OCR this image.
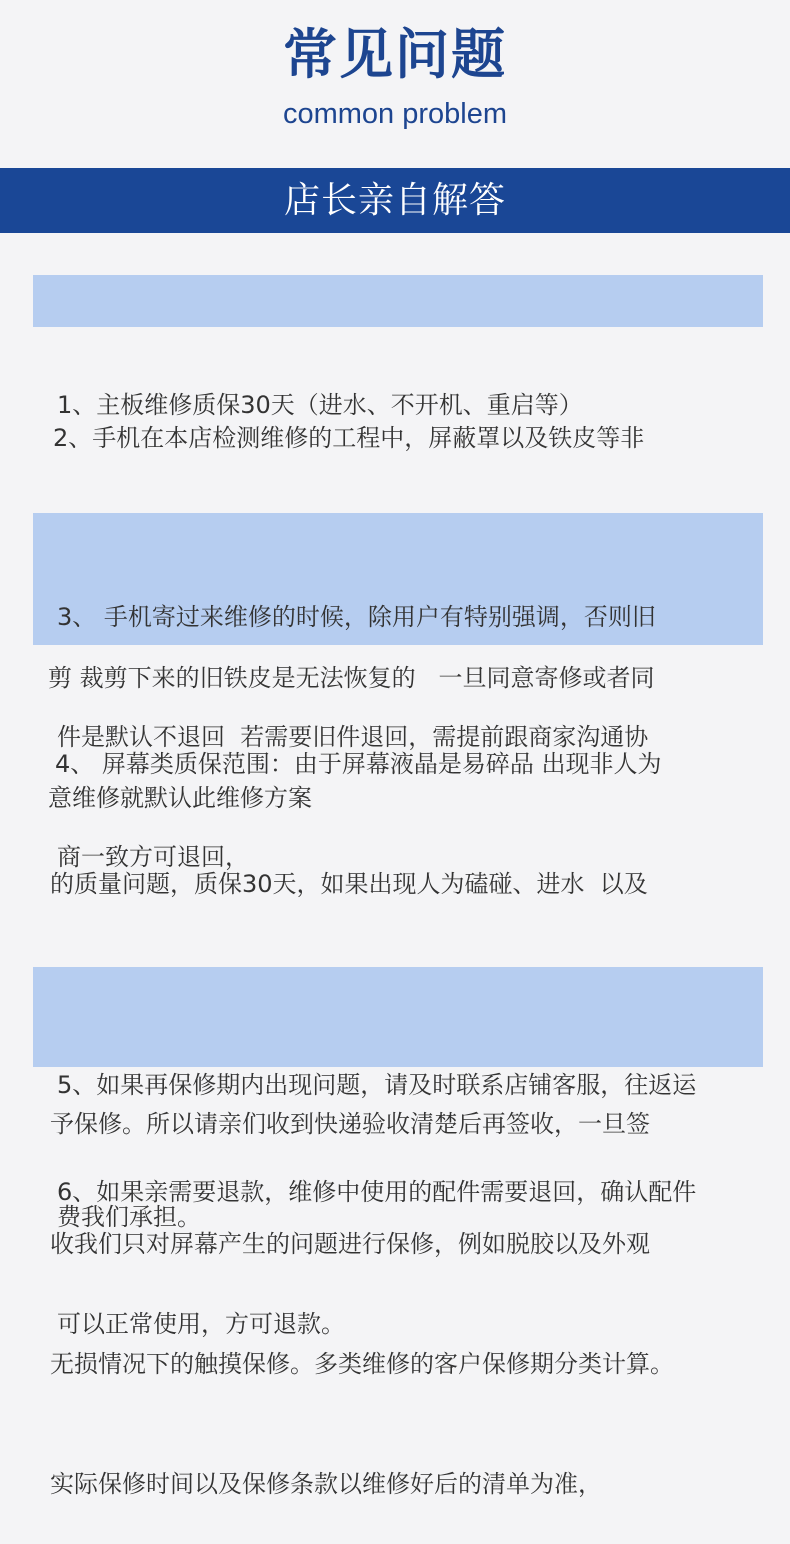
常见问题
common problem
店长亲自解答

1、主板维修质保30天（进水、不开机、重启等）

2、手机在本店检测维修的工程中，屏蔽罩以及铁皮等非

剪 裁剪下来的旧铁皮是无法恢复的   一旦同意寄修或者同

意维修就默认此维修方案

3、 手机寄过来维修的时候，除用户有特别强调，否则旧

件是默认不退回  若需要旧件退回，需提前跟商家沟通协

商一致方可退回，

4、 屏幕类质保范围：由于屏幕液晶是易碎品 出现非人为

的质量问题，质保30天，如果出现人为磕碰、进水  以及

予保修。所以请亲们收到快递验收清楚后再签收，一旦签

收我们只对屏幕产生的问题进行保修，例如脱胶以及外观

无损情况下的触摸保修。多类维修的客户保修期分类计算。

实际保修时间以及保修条款以维修好后的清单为准，

5、如果再保修期内出现问题，请及时联系店铺客服，往返运

费我们承担。

6、如果亲需要退款，维修中使用的配件需要退回，确认配件

可以正常使用，方可退款。
